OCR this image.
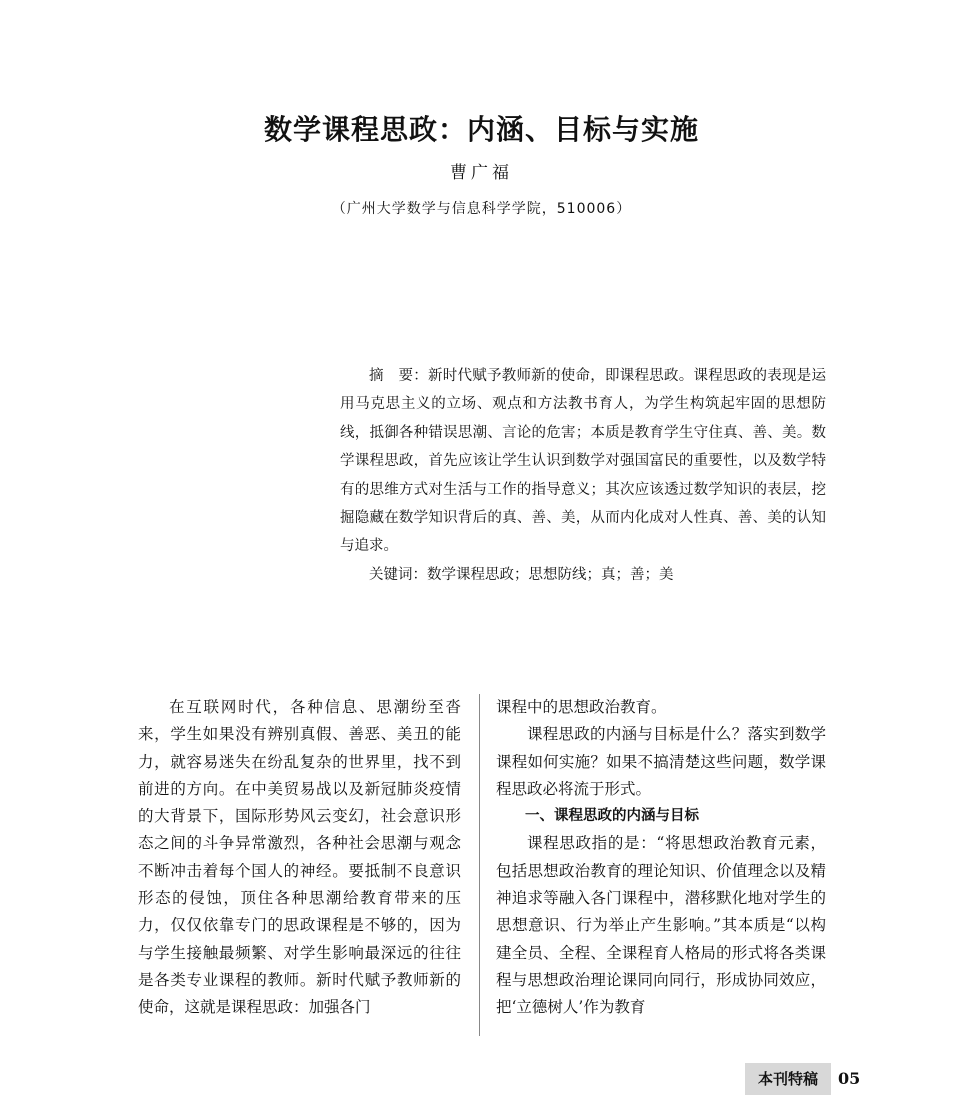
数学课程思政：内涵、目标与实施
曹广福
（广州大学数学与信息科学学院，510006）

摘　要：新时代赋予教师新的使命，即课程思政。课程思政的表现是运用马克思主义的立场、观点和方法教书育人，为学生构筑起牢固的思想防线，抵御各种错误思潮、言论的危害；本质是教育学生守住真、善、美。数学课程思政，首先应该让学生认识到数学对强国富民的重要性，以及数学特有的思维方式对生活与工作的指导意义；其次应该透过数学知识的表层，挖掘隐藏在数学知识背后的真、善、美，从而内化成对人性真、善、美的认知与追求。

关键词：数学课程思政；思想防线；真；善；美

在互联网时代，各种信息、思潮纷至沓来，学生如果没有辨别真假、善恶、美丑的能力，就容易迷失在纷乱复杂的世界里，找不到前进的方向。在中美贸易战以及新冠肺炎疫情的大背景下，国际形势风云变幻，社会意识形态之间的斗争异常激烈，各种社会思潮与观念不断冲击着每个国人的神经。要抵制不良意识形态的侵蚀，顶住各种思潮给教育带来的压力，仅仅依靠专门的思政课程是不够的，因为与学生接触最频繁、对学生影响最深远的往往是各类专业课程的教师。新时代赋予教师新的使命，这就是课程思政：加强各门

课程中的思想政治教育。

课程思政的内涵与目标是什么？落实到数学课程如何实施？如果不搞清楚这些问题，数学课程思政必将流于形式。

一、课程思政的内涵与目标

课程思政指的是：“将思想政治教育元素，包括思想政治教育的理论知识、价值理念以及精神追求等融入各门课程中，潜移默化地对学生的思想意识、行为举止产生影响。”其本质是“以构建全员、全程、全课程育人格局的形式将各类课程与思想政治理论课同向同行，形成协同效应，把‘立德树人’作为教育

本刊特稿	05
